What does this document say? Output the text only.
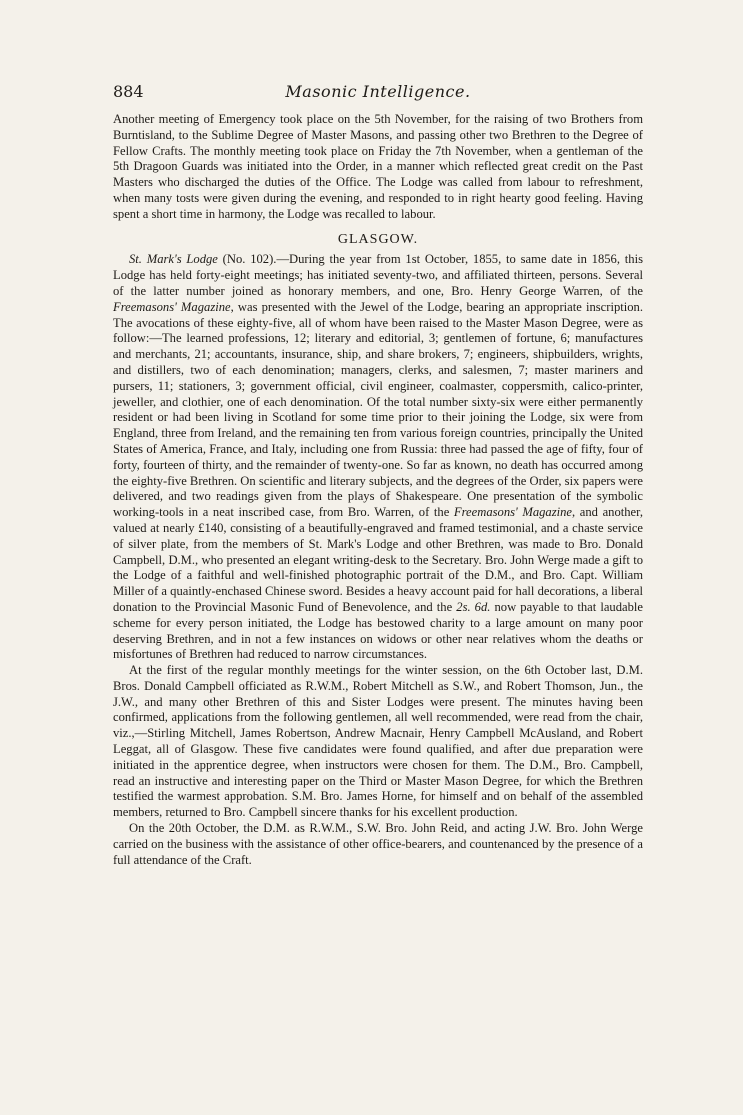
884	Masonic Intelligence.

Another meeting of Emergency took place on the 5th November, for the raising of two Brothers from Burntisland, to the Sublime Degree of Master Masons, and passing other two Brethren to the Degree of Fellow Crafts. The monthly meeting took place on Friday the 7th November, when a gentleman of the 5th Dragoon Guards was initiated into the Order, in a manner which reflected great credit on the Past Masters who discharged the duties of the Office. The Lodge was called from labour to refreshment, when many tosts were given during the evening, and responded to in right hearty good feeling. Having spent a short time in harmony, the Lodge was recalled to labour.

GLASGOW.

St. Mark's Lodge (No. 102).—During the year from 1st October, 1855, to same date in 1856, this Lodge has held forty-eight meetings; has initiated seventy-two, and affiliated thirteen, persons. Several of the latter number joined as honorary members, and one, Bro. Henry George Warren, of the Freemasons' Magazine, was presented with the Jewel of the Lodge, bearing an appropriate inscription. The avocations of these eighty-five, all of whom have been raised to the Master Mason Degree, were as follow:—The learned professions, 12; literary and editorial, 3; gentlemen of fortune, 6; manufactures and merchants, 21; accountants, insurance, ship, and share brokers, 7; engineers, shipbuilders, wrights, and distillers, two of each denomination; managers, clerks, and salesmen, 7; master mariners and pursers, 11; stationers, 3; government official, civil engineer, coalmaster, coppersmith, calico-printer, jeweller, and clothier, one of each denomination. Of the total number sixty-six were either permanently resident or had been living in Scotland for some time prior to their joining the Lodge, six were from England, three from Ireland, and the remaining ten from various foreign countries, principally the United States of America, France, and Italy, including one from Russia: three had passed the age of fifty, four of forty, fourteen of thirty, and the remainder of twenty-one. So far as known, no death has occurred among the eighty-five Brethren. On scientific and literary subjects, and the degrees of the Order, six papers were delivered, and two readings given from the plays of Shakespeare. One presentation of the symbolic working-tools in a neat inscribed case, from Bro. Warren, of the Freemasons' Magazine, and another, valued at nearly £140, consisting of a beautifully-engraved and framed testimonial, and a chaste service of silver plate, from the members of St. Mark's Lodge and other Brethren, was made to Bro. Donald Campbell, D.M., who presented an elegant writing-desk to the Secretary. Bro. John Werge made a gift to the Lodge of a faithful and well-finished photographic portrait of the D.M., and Bro. Capt. William Miller of a quaintly-enchased Chinese sword. Besides a heavy account paid for hall decorations, a liberal donation to the Provincial Masonic Fund of Benevolence, and the 2s. 6d. now payable to that laudable scheme for every person initiated, the Lodge has bestowed charity to a large amount on many poor deserving Brethren, and in not a few instances on widows or other near relatives whom the deaths or misfortunes of Brethren had reduced to narrow circumstances.

At the first of the regular monthly meetings for the winter session, on the 6th October last, D.M. Bros. Donald Campbell officiated as R.W.M., Robert Mitchell as S.W., and Robert Thomson, Jun., the J.W., and many other Brethren of this and Sister Lodges were present. The minutes having been confirmed, applications from the following gentlemen, all well recommended, were read from the chair, viz.,—Stirling Mitchell, James Robertson, Andrew Macnair, Henry Campbell McAusland, and Robert Leggat, all of Glasgow. These five candidates were found qualified, and after due preparation were initiated in the apprentice degree, when instructors were chosen for them. The D.M., Bro. Campbell, read an instructive and interesting paper on the Third or Master Mason Degree, for which the Brethren testified the warmest approbation. S.M. Bro. James Horne, for himself and on behalf of the assembled members, returned to Bro. Campbell sincere thanks for his excellent production.

On the 20th October, the D.M. as R.W.M., S.W. Bro. John Reid, and acting J.W. Bro. John Werge carried on the business with the assistance of other office-bearers, and countenanced by the presence of a full attendance of the Craft.
